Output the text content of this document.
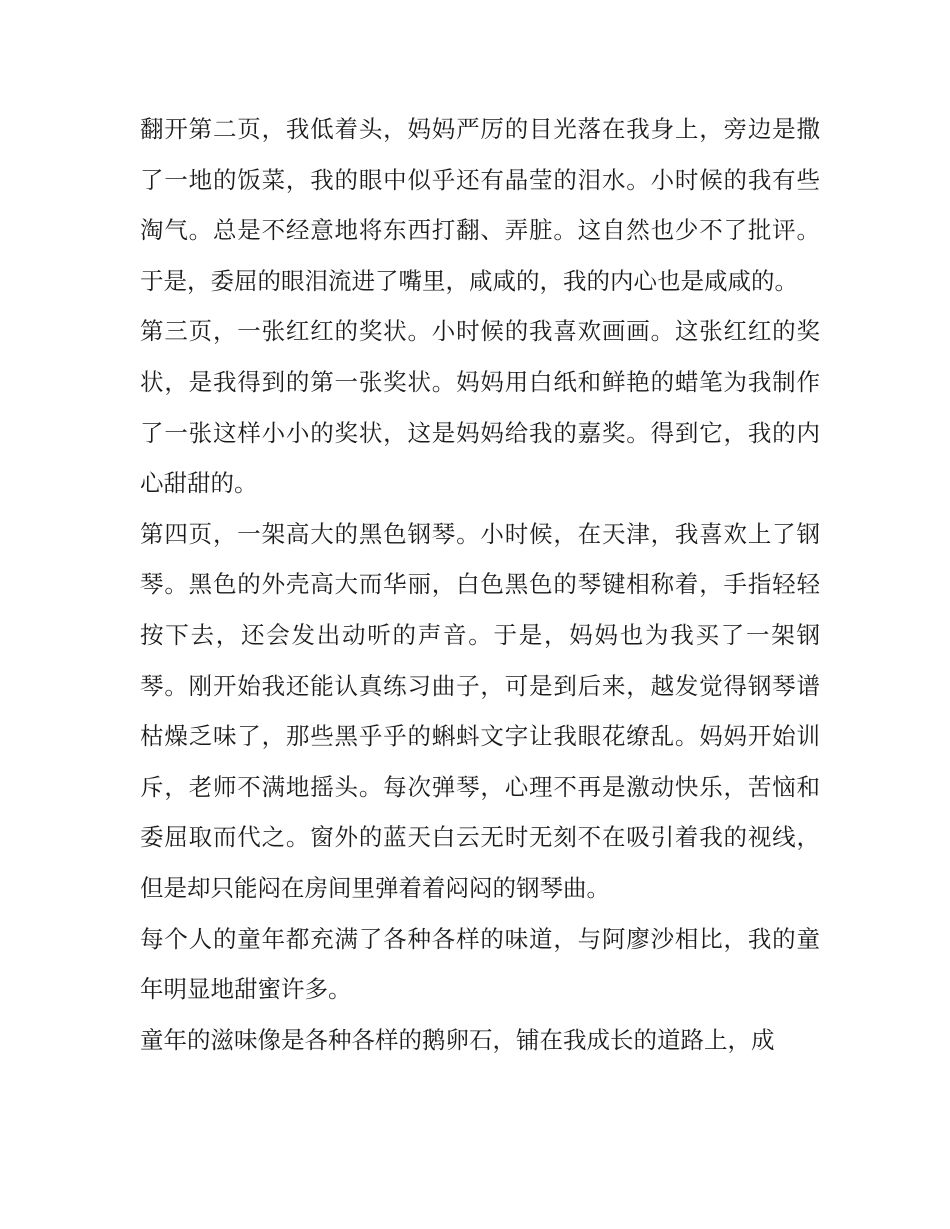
翻开第二页，我低着头，妈妈严厉的目光落在我身上，旁边是撒了一地的饭菜，我的眼中似乎还有晶莹的泪水。小时候的我有些淘气。总是不经意地将东西打翻、弄脏。这自然也少不了批评。于是，委屈的眼泪流进了嘴里，咸咸的，我的内心也是咸咸的。

第三页，一张红红的奖状。小时候的我喜欢画画。这张红红的奖状，是我得到的第一张奖状。妈妈用白纸和鲜艳的蜡笔为我制作了一张这样小小的奖状，这是妈妈给我的嘉奖。得到它，我的内心甜甜的。

第四页，一架高大的黑色钢琴。小时候，在天津，我喜欢上了钢琴。黑色的外壳高大而华丽，白色黑色的琴键相称着，手指轻轻按下去，还会发出动听的声音。于是，妈妈也为我买了一架钢琴。刚开始我还能认真练习曲子，可是到后来，越发觉得钢琴谱枯燥乏味了，那些黑乎乎的蝌蚪文字让我眼花缭乱。妈妈开始训斥，老师不满地摇头。每次弹琴，心理不再是激动快乐，苦恼和委屈取而代之。窗外的蓝天白云无时无刻不在吸引着我的视线，但是却只能闷在房间里弹着着闷闷的钢琴曲。

每个人的童年都充满了各种各样的味道，与阿廖沙相比，我的童年明显地甜蜜许多。

童年的滋味像是各种各样的鹅卵石，铺在我成长的道路上，成
